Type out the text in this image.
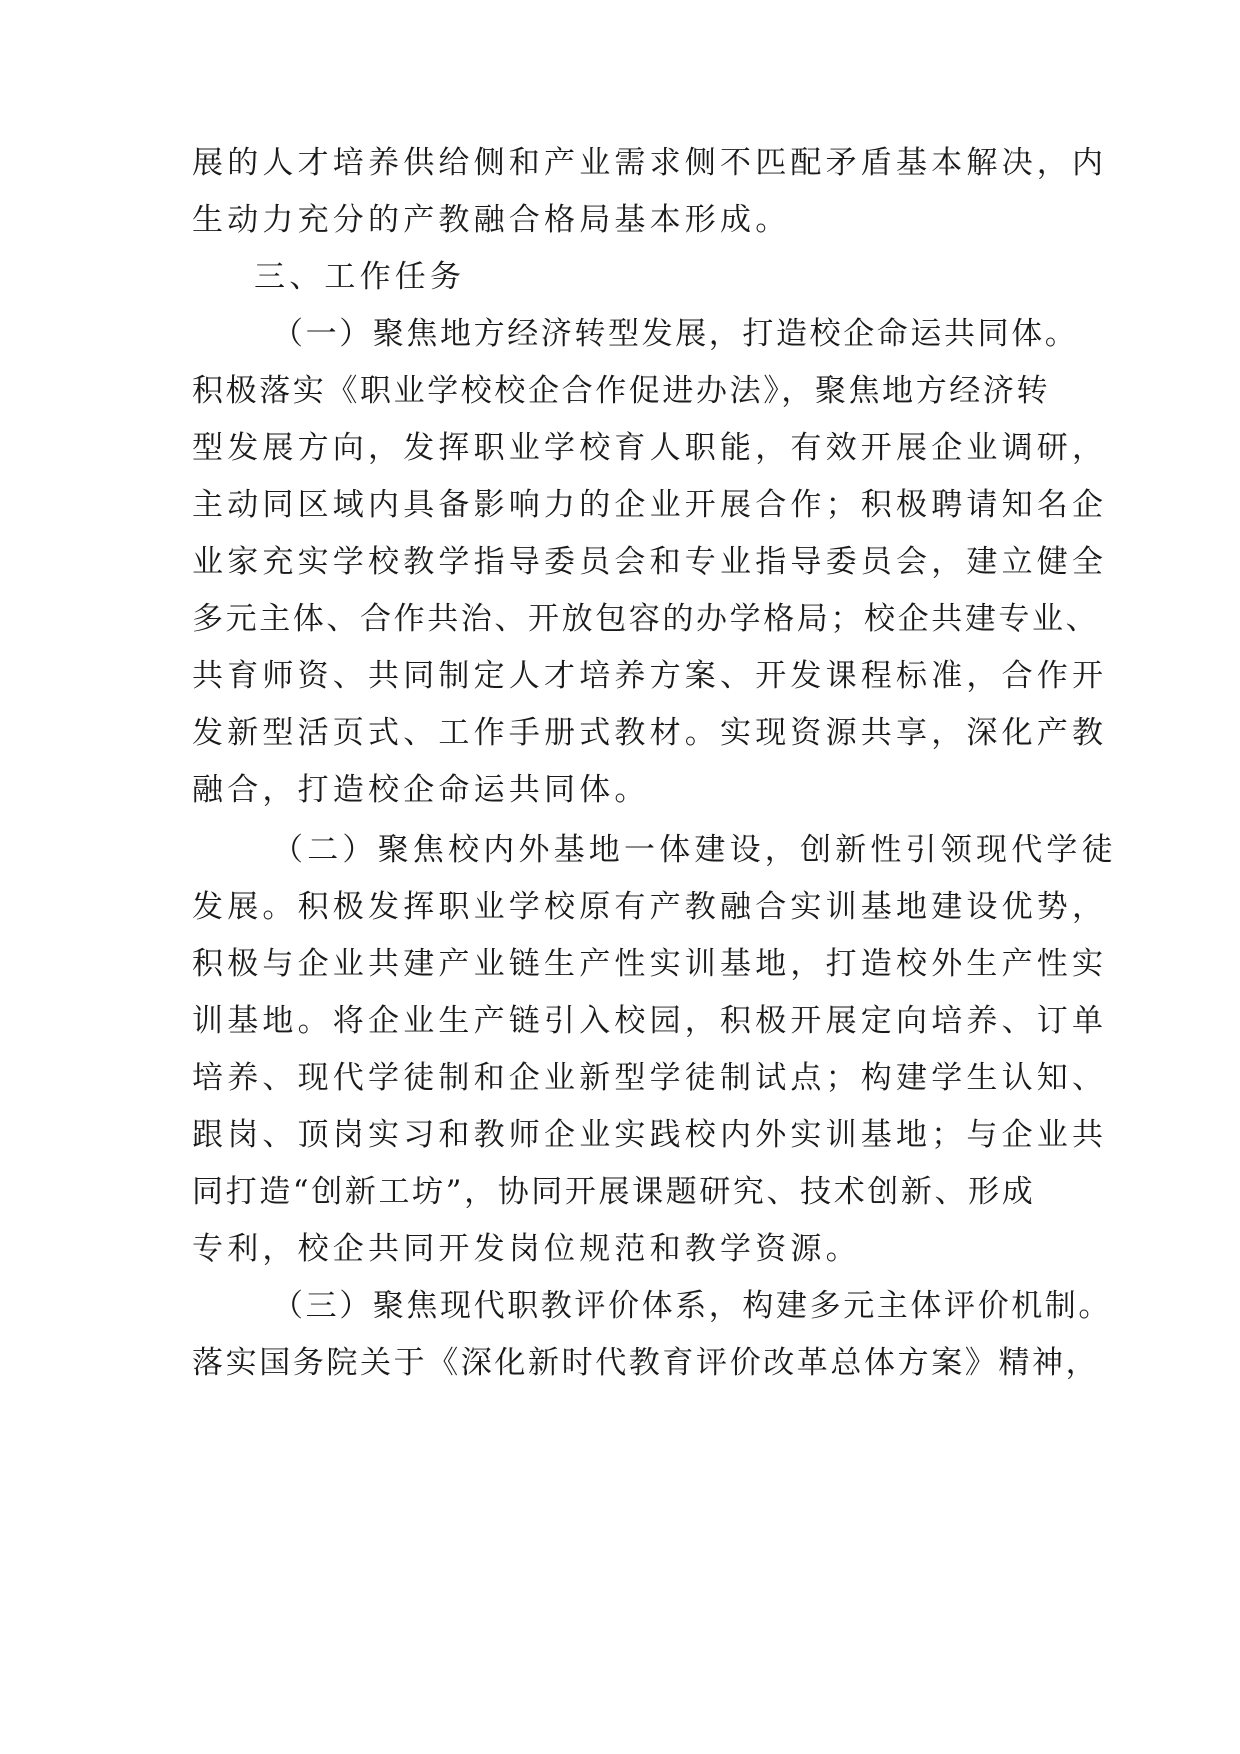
展的人才培养供给侧和产业需求侧不匹配矛盾基本解决，内
生动力充分的产教融合格局基本形成。
三、工作任务
（一）聚焦地方经济转型发展，打造校企命运共同体。
积极落实《职业学校校企合作促进办法》，聚焦地方经济转
型发展方向，发挥职业学校育人职能，有效开展企业调研，
主动同区域内具备影响力的企业开展合作；积极聘请知名企
业家充实学校教学指导委员会和专业指导委员会，建立健全
多元主体、合作共治、开放包容的办学格局；校企共建专业、
共育师资、共同制定人才培养方案、开发课程标准，合作开
发新型活页式、工作手册式教材。实现资源共享，深化产教
融合，打造校企命运共同体。
（二）聚焦校内外基地一体建设，创新性引领现代学徒
发展。积极发挥职业学校原有产教融合实训基地建设优势，
积极与企业共建产业链生产性实训基地，打造校外生产性实
训基地。将企业生产链引入校园，积极开展定向培养、订单
培养、现代学徒制和企业新型学徒制试点；构建学生认知、
跟岗、顶岗实习和教师企业实践校内外实训基地；与企业共
同打造“创新工坊”，协同开展课题研究、技术创新、形成
专利，校企共同开发岗位规范和教学资源。
（三）聚焦现代职教评价体系，构建多元主体评价机制。
落实国务院关于《深化新时代教育评价改革总体方案》精神，
